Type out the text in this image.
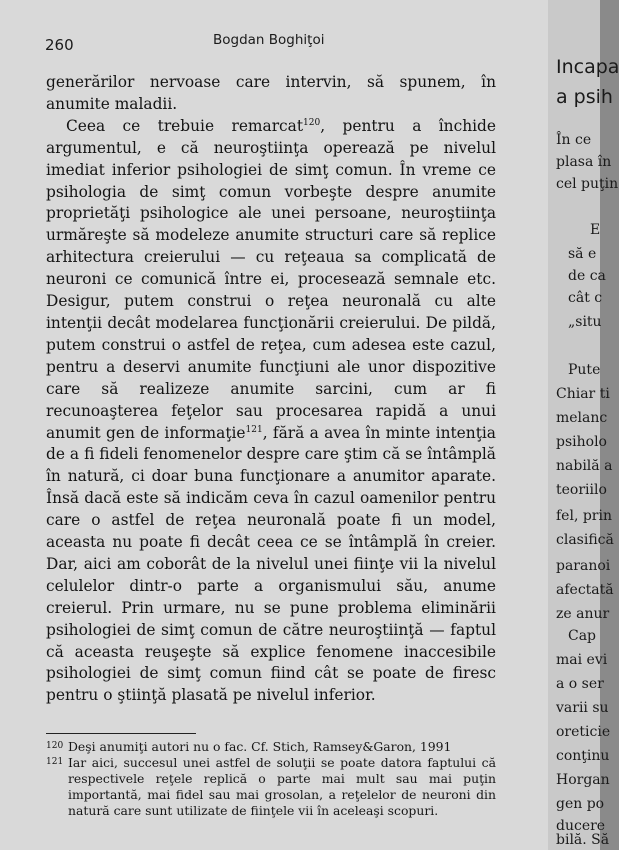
260	Bogdan Boghiţoi

generărilor nervoase care intervin, să spunem, în anumite maladii.

Ceea ce trebuie remarcat$^{120}$, pentru a închide argumentul, e că neuroştiinţa operează pe nivelul imediat inferior psihologiei de simţ comun. În vreme ce psihologia de simţ comun vorbeşte despre anumite proprietăţi psihologice ale unei persoane, neuroştiinţa urmăreşte să modeleze anumite structuri care să replice arhitectura creierului — cu reţeaua sa complicată de neuroni ce comunică între ei, procesează semnale etc. Desigur, putem construi o reţea neuronală cu alte intenţii decât modelarea funcţionării creierului. De pildă, putem construi o astfel de reţea, cum adesea este cazul, pentru a deservi anumite funcţiuni ale unor dispozitive care să realizeze anumite sarcini, cum ar fi recunoaşterea feţelor sau procesarea rapidă a unui anumit gen de informaţie$^{121}$, fără a avea în minte intenţia de a fi fideli fenomenelor despre care ştim că se întâmplă în natură, ci doar buna funcţionare a anumitor aparate. Însă dacă este să indicăm ceva în cazul oamenilor pentru care o astfel de reţea neuronală poate fi un model, aceasta nu poate fi decât ceea ce se întâmplă în creier. Dar, aici am coborât de la nivelul unei fiinţe vii la nivelul celulelor dintr-o parte a organismului său, anume creierul. Prin urmare, nu se pune problema eliminării psihologiei de simţ comun de către neuroştiinţă — faptul că aceasta reuşeşte să explice fenomene inaccesibile psihologiei de simţ comun fiind cât se poate de firesc pentru o ştiinţă plasată pe nivelul inferior.

120 Deşi anumiţi autori nu o fac. Cf. Stich, Ramsey&Garon, 1991
121 Iar aici, succesul unei astfel de soluţii se poate datora faptului că respectivele reţele replică o parte mai mult sau mai puţin importantă, mai fidel sau mai grosolan, a reţelelor de neuroni din natură care sunt utilizate de fiinţele vii în aceleaşi scopuri.
Incapa
a psih
În ce
plasa în
cel puţin
E
să e
de ca
cât c
„situ
Pute
Chiar ti
melanc
psiholo
nabilă a
teoriilo
fel, prin
clasifică
paranoi
afectată
ze anur
Cap
mai evi
a o ser
varii su
oreticie
conţinu
Horgan
gen po
ducere
bilă. Să
